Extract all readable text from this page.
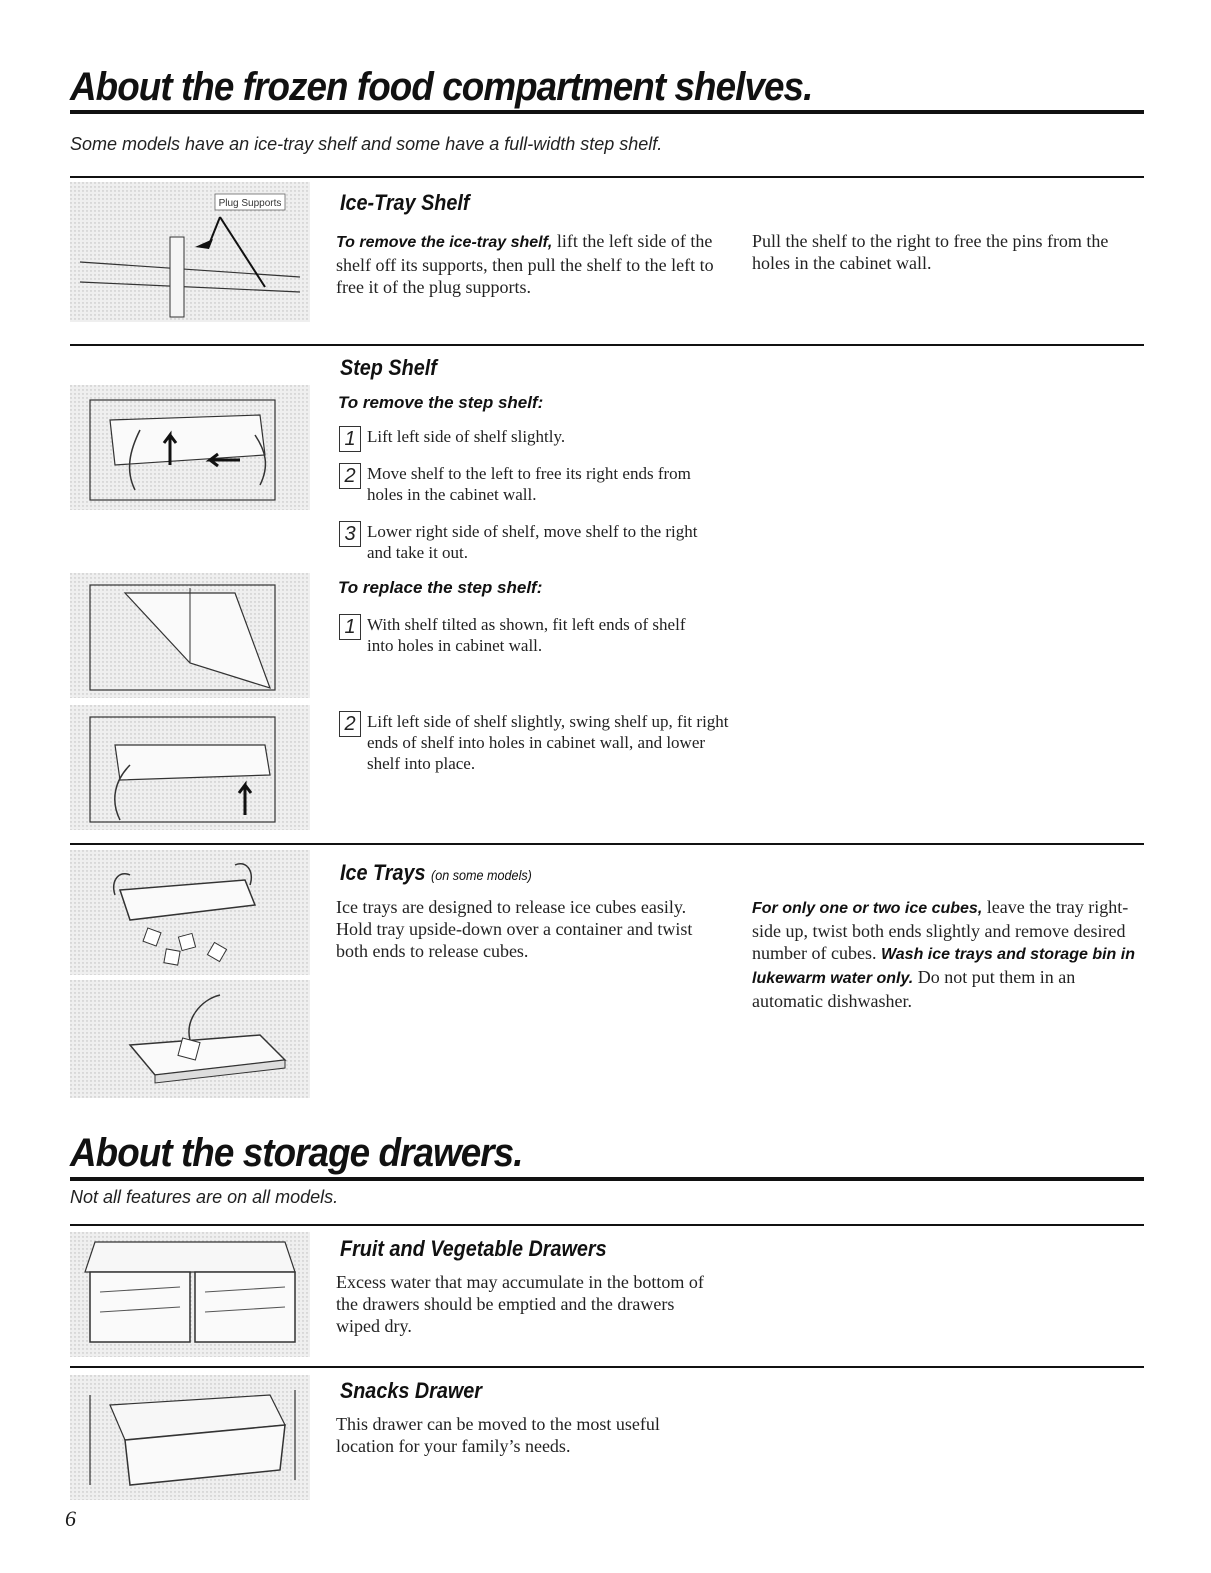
About the frozen food compartment shelves.
Some models have an ice-tray shelf and some have a full-width step shelf.
Plug Supports	Ice-Tray Shelf
To remove the ice-tray shelf, lift the left side of the shelf off its supports, then pull the shelf to the left to free it of the plug supports.
Pull the shelf to the right to free the pins from the holes in the cabinet wall.
Step Shelf
To remove the step shelf:
1 Lift left side of shelf slightly.
2 Move shelf to the left to free its right ends from holes in the cabinet wall.
3 Lower right side of shelf, move shelf to the right and take it out.
To replace the step shelf:
1 With shelf tilted as shown, fit left ends of shelf into holes in cabinet wall.
2 Lift left side of shelf slightly, swing shelf up, fit right ends of shelf into holes in cabinet wall, and lower shelf into place.
Ice Trays (on some models)
Ice trays are designed to release ice cubes easily. Hold tray upside-down over a container and twist both ends to release cubes.
For only one or two ice cubes, leave the tray right-side up, twist both ends slightly and remove desired number of cubes. Wash ice trays and storage bin in lukewarm water only. Do not put them in an automatic dishwasher.
About the storage drawers.
Not all features are on all models.
Fruit and Vegetable Drawers
Excess water that may accumulate in the bottom of the drawers should be emptied and the drawers wiped dry.
Snacks Drawer
This drawer can be moved to the most useful location for your family’s needs.
6
